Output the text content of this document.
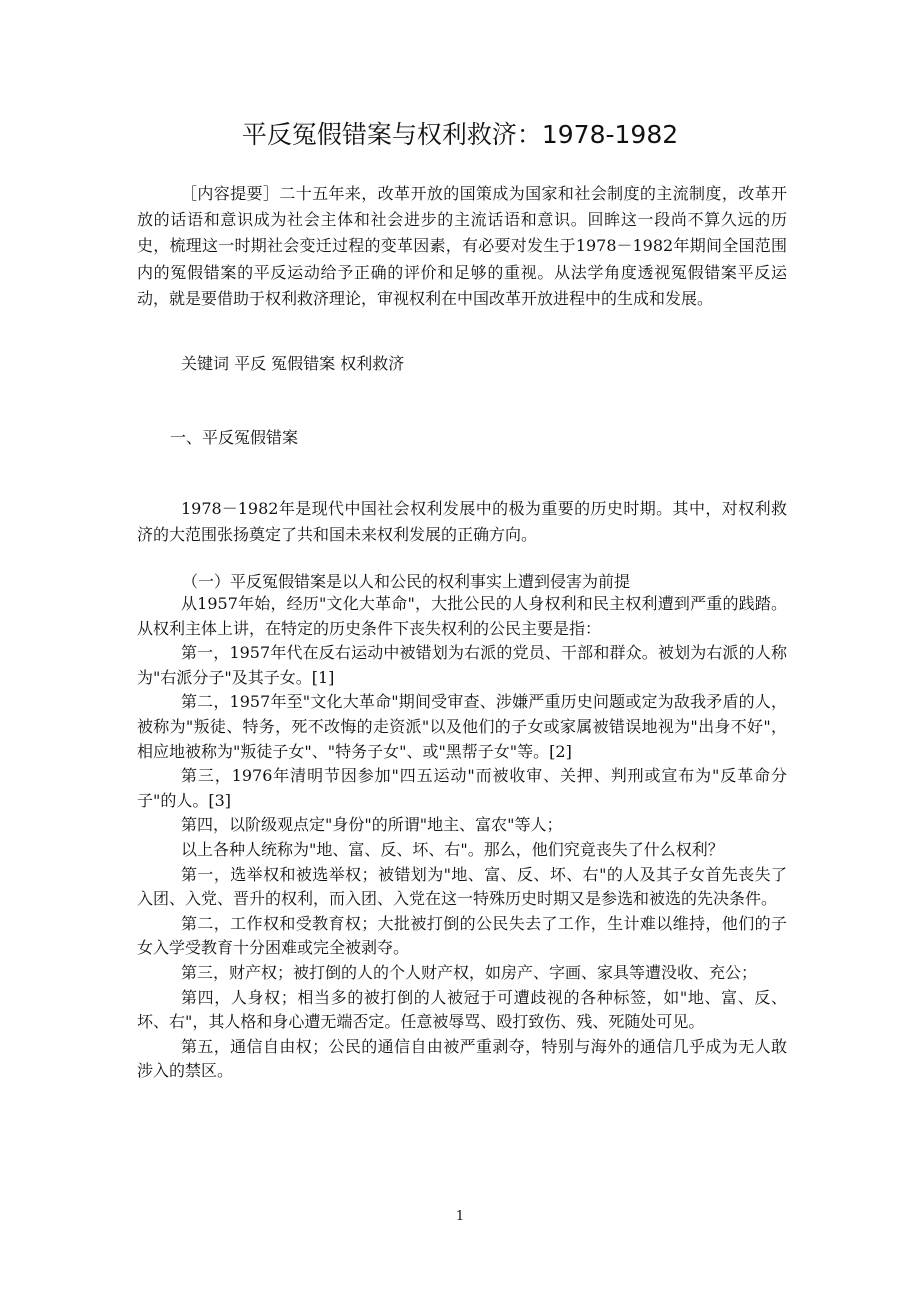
平反冤假错案与权利救济：1978-1982

［内容提要］二十五年来，改革开放的国策成为国家和社会制度的主流制度，改革开放的话语和意识成为社会主体和社会进步的主流话语和意识。回眸这一段尚不算久远的历史，梳理这一时期社会变迁过程的变革因素，有必要对发生于1978－1982年期间全国范围内的冤假错案的平反运动给予正确的评价和足够的重视。从法学角度透视冤假错案平反运动，就是要借助于权利救济理论，审视权利在中国改革开放进程中的生成和发展。

关键词 平反 冤假错案 权利救济

一、平反冤假错案

1978－1982年是现代中国社会权利发展中的极为重要的历史时期。其中，对权利救济的大范围张扬奠定了共和国未来权利发展的正确方向。

（一）平反冤假错案是以人和公民的权利事实上遭到侵害为前提

从1957年始，经历"文化大革命"，大批公民的人身权利和民主权利遭到严重的践踏。从权利主体上讲，在特定的历史条件下丧失权利的公民主要是指：

第一，1957年代在反右运动中被错划为右派的党员、干部和群众。被划为右派的人称为"右派分子"及其子女。[1]

第二，1957年至"文化大革命"期间受审查、涉嫌严重历史问题或定为敌我矛盾的人，被称为"叛徒、特务，死不改悔的走资派"以及他们的子女或家属被错误地视为"出身不好"，相应地被称为"叛徒子女"、"特务子女"、或"黑帮子女"等。[2]

第三，1976年清明节因参加"四五运动"而被收审、关押、判刑或宣布为"反革命分子"的人。[3]

第四，以阶级观点定"身份"的所谓"地主、富农"等人；

以上各种人统称为"地、富、反、坏、右"。那么，他们究竟丧失了什么权利？

第一，选举权和被选举权；被错划为"地、富、反、坏、右"的人及其子女首先丧失了入团、入党、晋升的权利，而入团、入党在这一特殊历史时期又是参选和被选的先决条件。

第二，工作权和受教育权；大批被打倒的公民失去了工作，生计难以维持，他们的子女入学受教育十分困难或完全被剥夺。

第三，财产权；被打倒的人的个人财产权，如房产、字画、家具等遭没收、充公；

第四，人身权；相当多的被打倒的人被冠于可遭歧视的各种标签，如"地、富、反、坏、右"，其人格和身心遭无端否定。任意被辱骂、殴打致伤、残、死随处可见。

第五，通信自由权；公民的通信自由被严重剥夺，特别与海外的通信几乎成为无人敢涉入的禁区。

1
